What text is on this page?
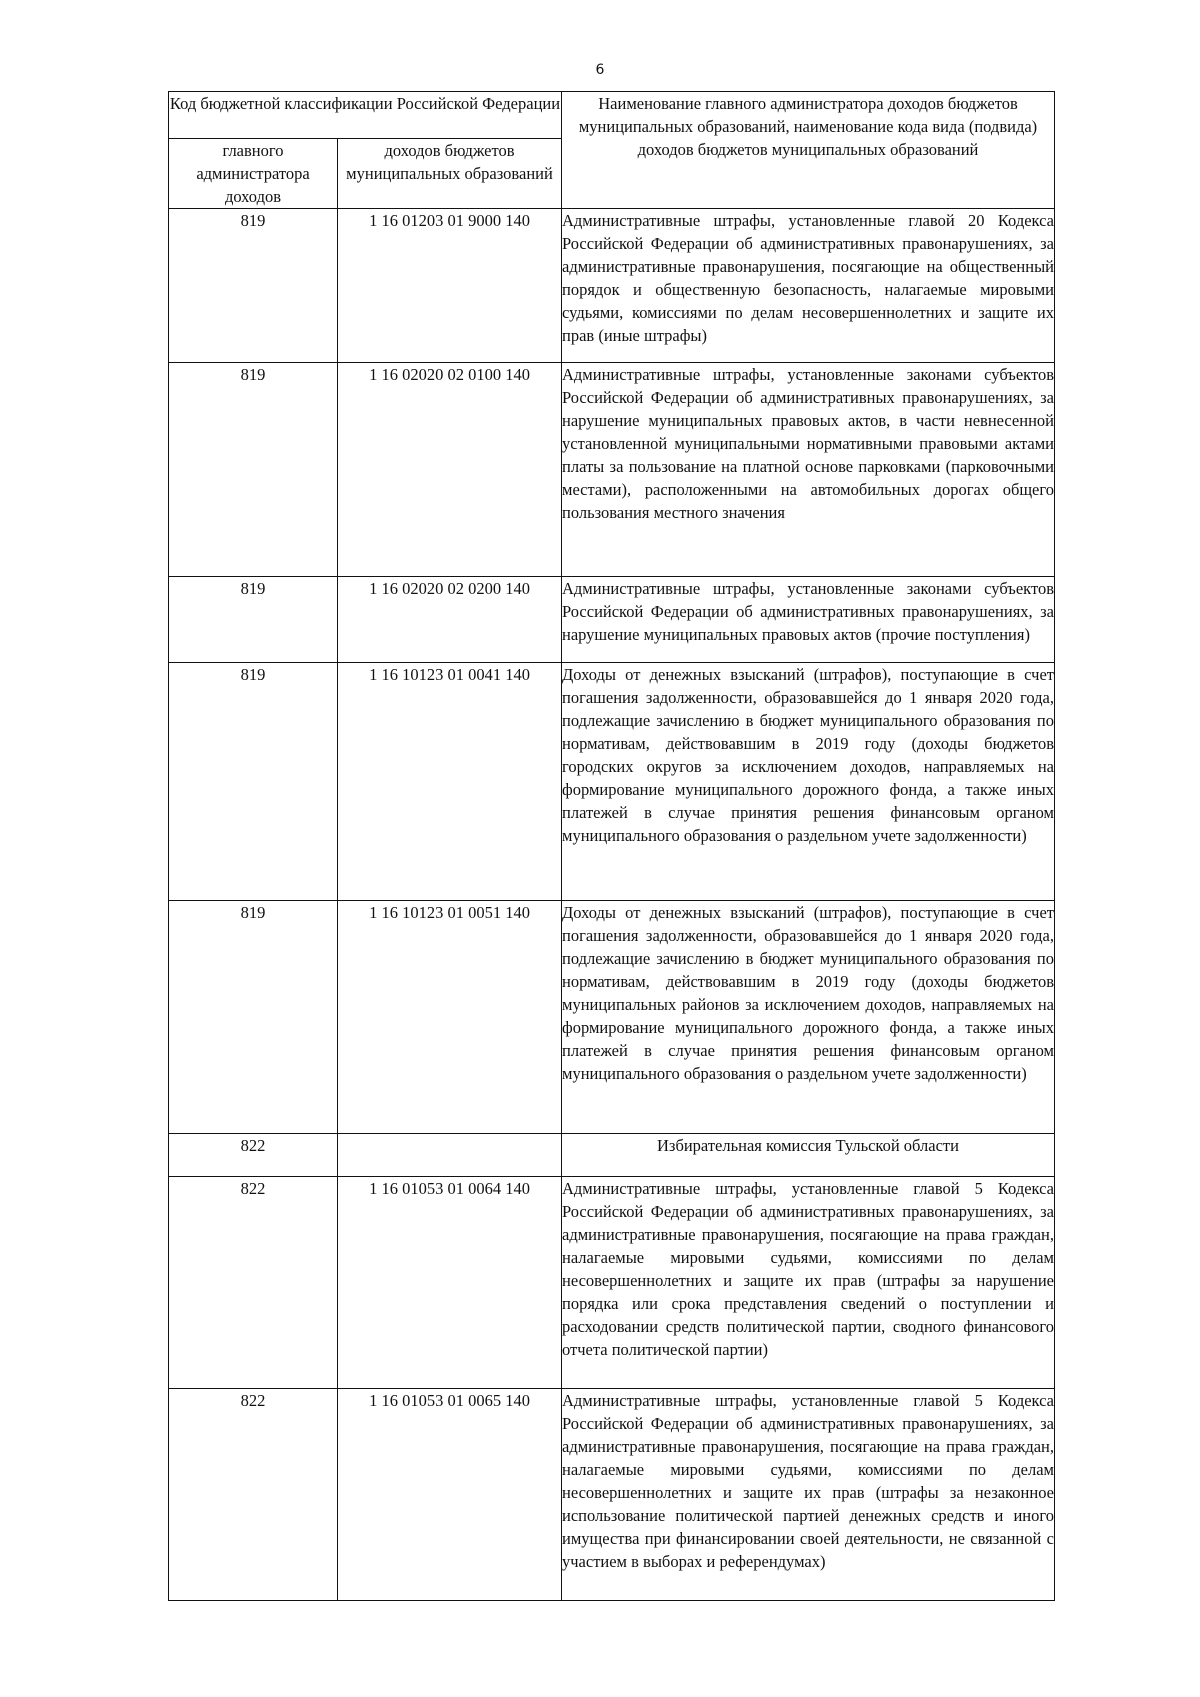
6
Код бюджетной классификации Российской Федерации		Наименование главного администратора доходов бюджетов муниципальных образований, наименование кода вида (подвида) доходов бюджетов муниципальных образований
главного администратора доходов	доходов бюджетов муниципальных образований	
819	1 16 01203 01 9000 140	Административные штрафы, установленные главой 20 Кодекса Российской Федерации об административных правонарушениях, за административные правонарушения, посягающие на общественный порядок и общественную безопасность, налагаемые мировыми судьями, комиссиями по делам несовершеннолетних и защите их прав (иные штрафы)
819	1 16 02020 02 0100 140	Административные штрафы, установленные законами субъектов Российской Федерации об административных правонарушениях, за нарушение муниципальных правовых актов, в части невнесенной установленной муниципальными нормативными правовыми актами платы за пользование на платной основе парковками (парковочными местами), расположенными на автомобильных дорогах общего пользования местного значения
819	1 16 02020 02 0200 140	Административные штрафы, установленные законами субъектов Российской Федерации об административных правонарушениях, за нарушение муниципальных правовых актов (прочие поступления)
819	1 16 10123 01 0041 140	Доходы от денежных взысканий (штрафов), поступающие в счет погашения задолженности, образовавшейся до 1 января 2020 года, подлежащие зачислению в бюджет муниципального образования по нормативам, действовавшим в 2019 году (доходы бюджетов городских округов за исключением доходов, направляемых на формирование муниципального дорожного фонда, а также иных платежей в случае принятия решения финансовым органом муниципального образования о раздельном учете задолженности)
819	1 16 10123 01 0051 140	Доходы от денежных взысканий (штрафов), поступающие в счет погашения задолженности, образовавшейся до 1 января 2020 года, подлежащие зачислению в бюджет муниципального образования по нормативам, действовавшим в 2019 году (доходы бюджетов муниципальных районов за исключением доходов, направляемых на формирование муниципального дорожного фонда, а также иных платежей в случае принятия решения финансовым органом муниципального образования о раздельном учете задолженности)
822		Избирательная комиссия Тульской области
822	1 16 01053 01 0064 140	Административные штрафы, установленные главой 5 Кодекса Российской Федерации об административных правонарушениях, за административные правонарушения, посягающие на права граждан, налагаемые мировыми судьями, комиссиями по делам несовершеннолетних и защите их прав (штрафы за нарушение порядка или срока представления сведений о поступлении и расходовании средств политической партии, сводного финансового отчета политической партии)
822	1 16 01053 01 0065 140	Административные штрафы, установленные главой 5 Кодекса Российской Федерации об административных правонарушениях, за административные правонарушения, посягающие на права граждан, налагаемые мировыми судьями, комиссиями по делам несовершеннолетних и защите их прав (штрафы за незаконное использование политической партией денежных средств и иного имущества при финансировании своей деятельности, не связанной с участием в выборах и референдумах)
